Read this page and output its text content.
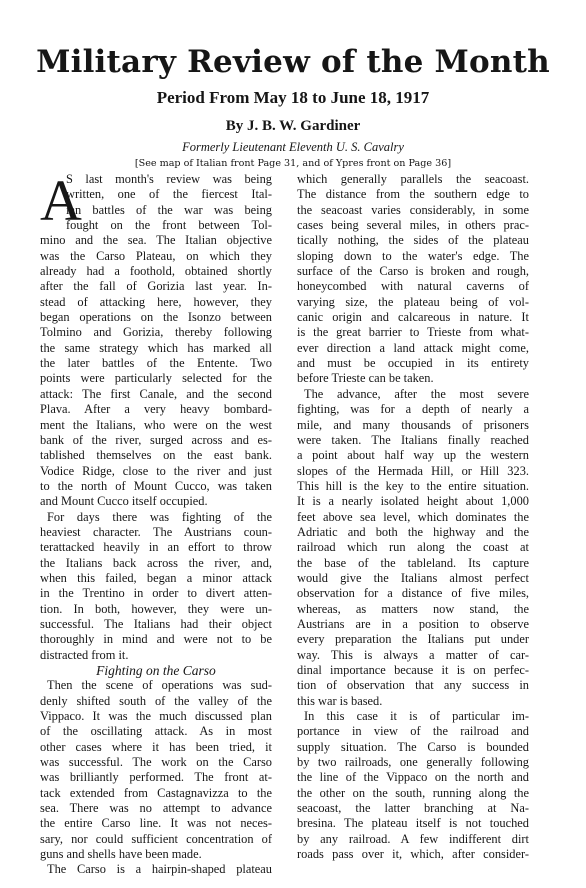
Military Review of the Month
Period From May 18 to June 18, 1917
By J. B. W. Gardiner
Formerly Lieutenant Eleventh U. S. Cavalry
[See map of Italian front Page 31, and of Ypres front on Page 36]
A
S last month's review was being
written, one of the fiercest Ital-
ian battles of the war was being
fought on the front between Tol-
mino and the sea. The Italian objective
was the Carso Plateau, on which they
already had a foothold, obtained shortly
after the fall of Gorizia last year. In-
stead of attacking here, however, they
began operations on the Isonzo between
Tolmino and Gorizia, thereby following
the same strategy which has marked all
the later battles of the Entente. Two
points were particularly selected for the
attack: The first Canale, and the second
Plava. After a very heavy bombard-
ment the Italians, who were on the west
bank of the river, surged across and es-
tablished themselves on the east bank.
Vodice Ridge, close to the river and just
to the north of Mount Cucco, was taken
and Mount Cucco itself occupied.
For days there was fighting of the
heaviest character. The Austrians coun-
terattacked heavily in an effort to throw
the Italians back across the river, and,
when this failed, began a minor attack
in the Trentino in order to divert atten-
tion. In both, however, they were un-
successful. The Italians had their object
thoroughly in mind and were not to be
distracted from it.
Fighting on the Carso
Then the scene of operations was sud-
denly shifted south of the valley of the
Vippaco. It was the much discussed plan
of the oscillating attack. As in most
other cases where it has been tried, it
was successful. The work on the Carso
was brilliantly performed. The front at-
tack extended from Castagnavizza to the
sea. There was no attempt to advance
the entire Carso line. It was not neces-
sary, nor could sufficient concentration of
guns and shells have been made.
The Carso is a hairpin-shaped plateau
which generally parallels the seacoast.
The distance from the southern edge to
the seacoast varies considerably, in some
cases being several miles, in others prac-
tically nothing, the sides of the plateau
sloping down to the water's edge. The
surface of the Carso is broken and rough,
honeycombed with natural caverns of
varying size, the plateau being of vol-
canic origin and calcareous in nature. It
is the great barrier to Trieste from what-
ever direction a land attack might come,
and must be occupied in its entirety
before Trieste can be taken.
The advance, after the most severe
fighting, was for a depth of nearly a
mile, and many thousands of prisoners
were taken. The Italians finally reached
a point about half way up the western
slopes of the Hermada Hill, or Hill 323.
This hill is the key to the entire situation.
It is a nearly isolated height about 1,000
feet above sea level, which dominates the
Adriatic and both the highway and the
railroad which run along the coast at
the base of the tableland. Its capture
would give the Italians almost perfect
observation for a distance of five miles,
whereas, as matters now stand, the
Austrians are in a position to observe
every preparation the Italians put under
way. This is always a matter of car-
dinal importance because it is on perfec-
tion of observation that any success in
this war is based.
In this case it is of particular im-
portance in view of the railroad and
supply situation. The Carso is bounded
by two railroads, one generally following
the line of the Vippaco on the north and
the other on the south, running along the
seacoast, the latter branching at Na-
bresina. The plateau itself is not touched
by any railroad. A few indifferent dirt
roads pass over it, which, after consider-
